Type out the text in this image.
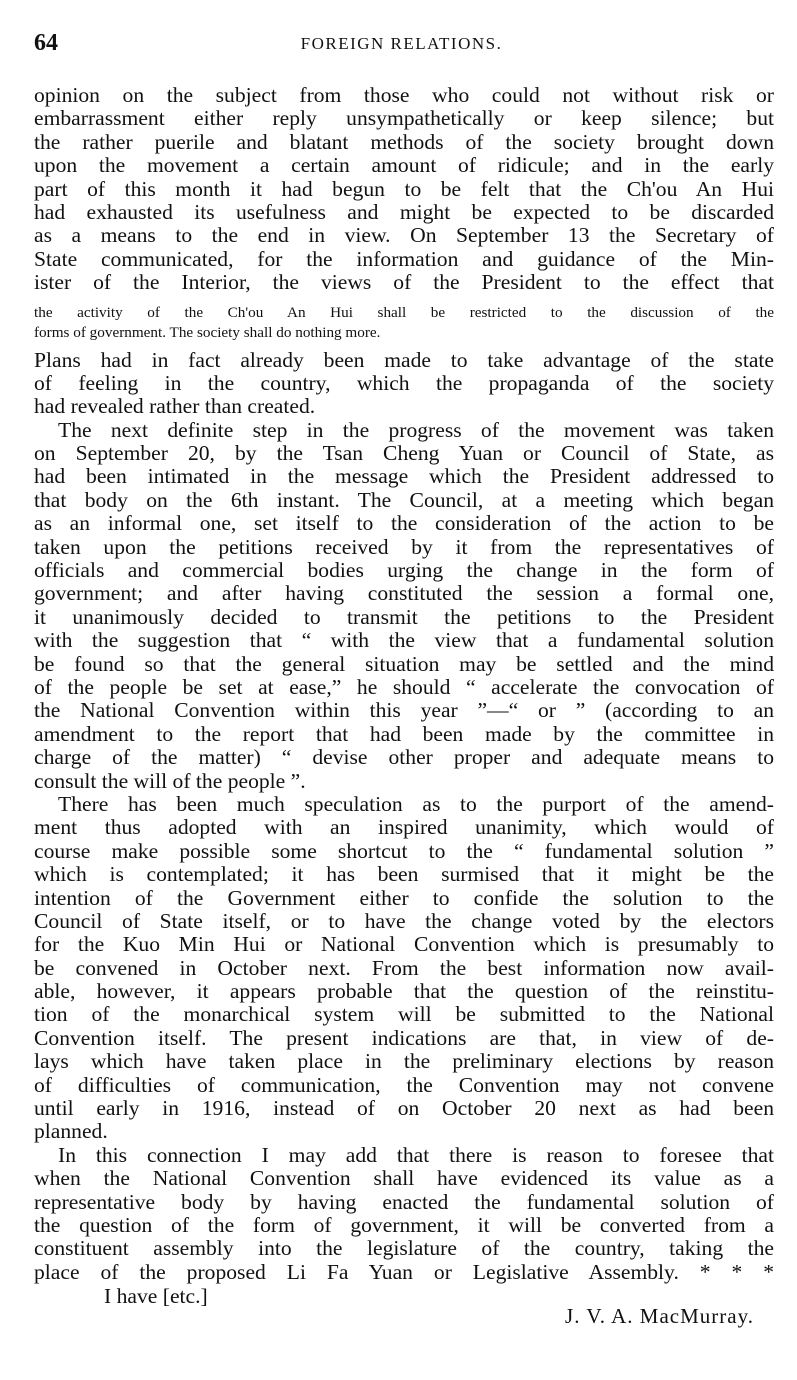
64	FOREIGN RELATIONS.
opinion on the subject from those who could not without risk or
embarrassment either reply unsympathetically or keep silence; but
the rather puerile and blatant methods of the society brought down
upon the movement a certain amount of ridicule; and in the early
part of this month it had begun to be felt that the Ch'ou An Hui
had exhausted its usefulness and might be expected to be discarded
as a means to the end in view. On September 13 the Secretary of
State communicated, for the information and guidance of the Min-
ister of the Interior, the views of the President to the effect that
the activity of the Ch'ou An Hui shall be restricted to the discussion of the
forms of government. The society shall do nothing more.
Plans had in fact already been made to take advantage of the state
of feeling in the country, which the propaganda of the society
had revealed rather than created.
The next definite step in the progress of the movement was taken
on September 20, by the Tsan Cheng Yuan or Council of State, as
had been intimated in the message which the President addressed to
that body on the 6th instant. The Council, at a meeting which began
as an informal one, set itself to the consideration of the action to be
taken upon the petitions received by it from the representatives of
officials and commercial bodies urging the change in the form of
government; and after having constituted the session a formal one,
it unanimously decided to transmit the petitions to the President
with the suggestion that “ with the view that a fundamental solution
be found so that the general situation may be settled and the mind
of the people be set at ease,” he should “ accelerate the convocation of
the National Convention within this year ”—“ or ” (according to an
amendment to the report that had been made by the committee in
charge of the matter) “ devise other proper and adequate means to
consult the will of the people ”.
There has been much speculation as to the purport of the amend-
ment thus adopted with an inspired unanimity, which would of
course make possible some shortcut to the “ fundamental solution ”
which is contemplated; it has been surmised that it might be the
intention of the Government either to confide the solution to the
Council of State itself, or to have the change voted by the electors
for the Kuo Min Hui or National Convention which is presumably to
be convened in October next. From the best information now avail-
able, however, it appears probable that the question of the reinstitu-
tion of the monarchical system will be submitted to the National
Convention itself. The present indications are that, in view of de-
lays which have taken place in the preliminary elections by reason
of difficulties of communication, the Convention may not convene
until early in 1916, instead of on October 20 next as had been
planned.
In this connection I may add that there is reason to foresee that
when the National Convention shall have evidenced its value as a
representative body by having enacted the fundamental solution of
the question of the form of government, it will be converted from a
constituent assembly into the legislature of the country, taking the
place of the proposed Li Fa Yuan or Legislative Assembly. * * *
I have [etc.]
J. V. A. MacMurray.
